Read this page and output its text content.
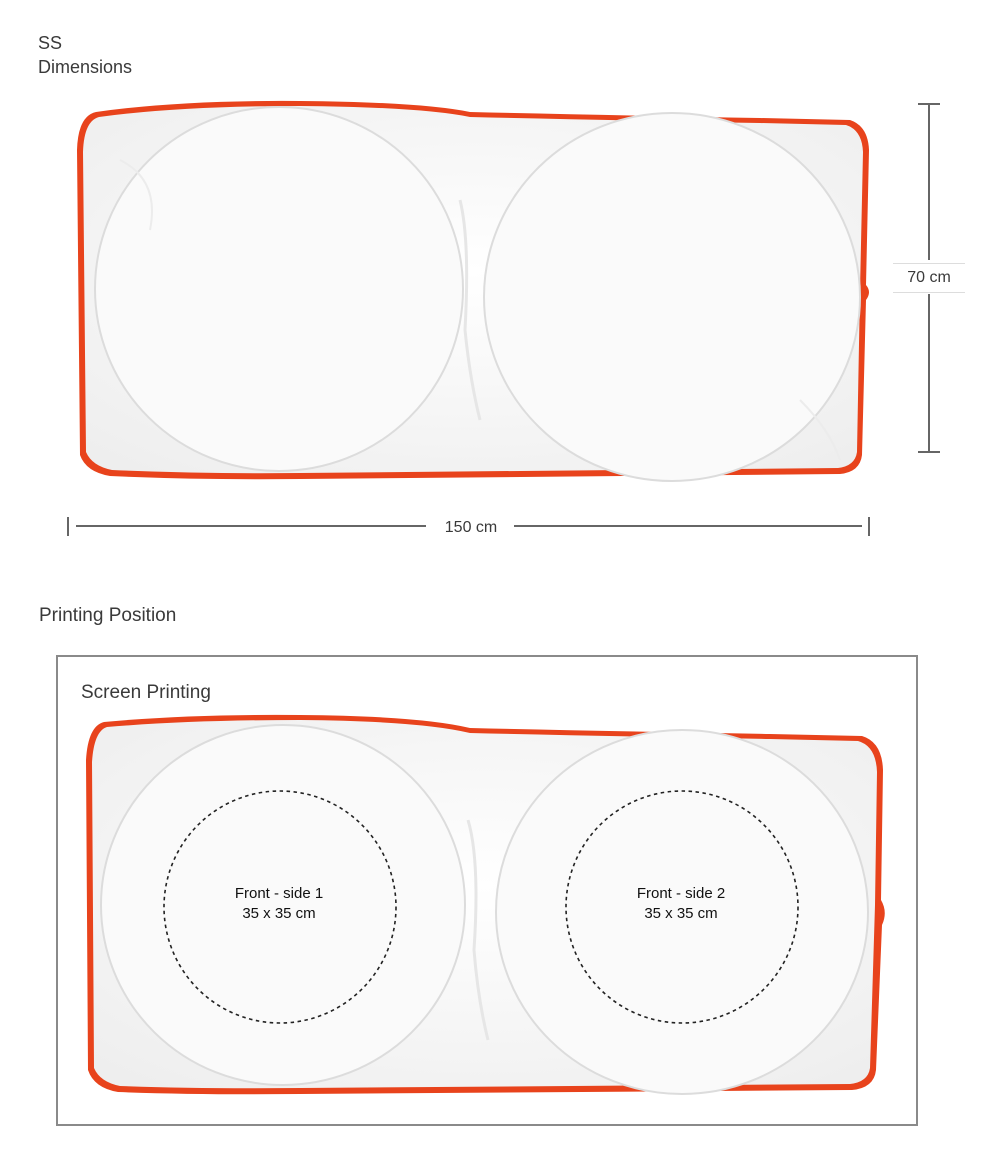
SS
Dimensions
150 cm
70 cm
Printing Position
Screen Printing
Front - side 1
35 x 35 cm
Front - side 2
35 x 35 cm
